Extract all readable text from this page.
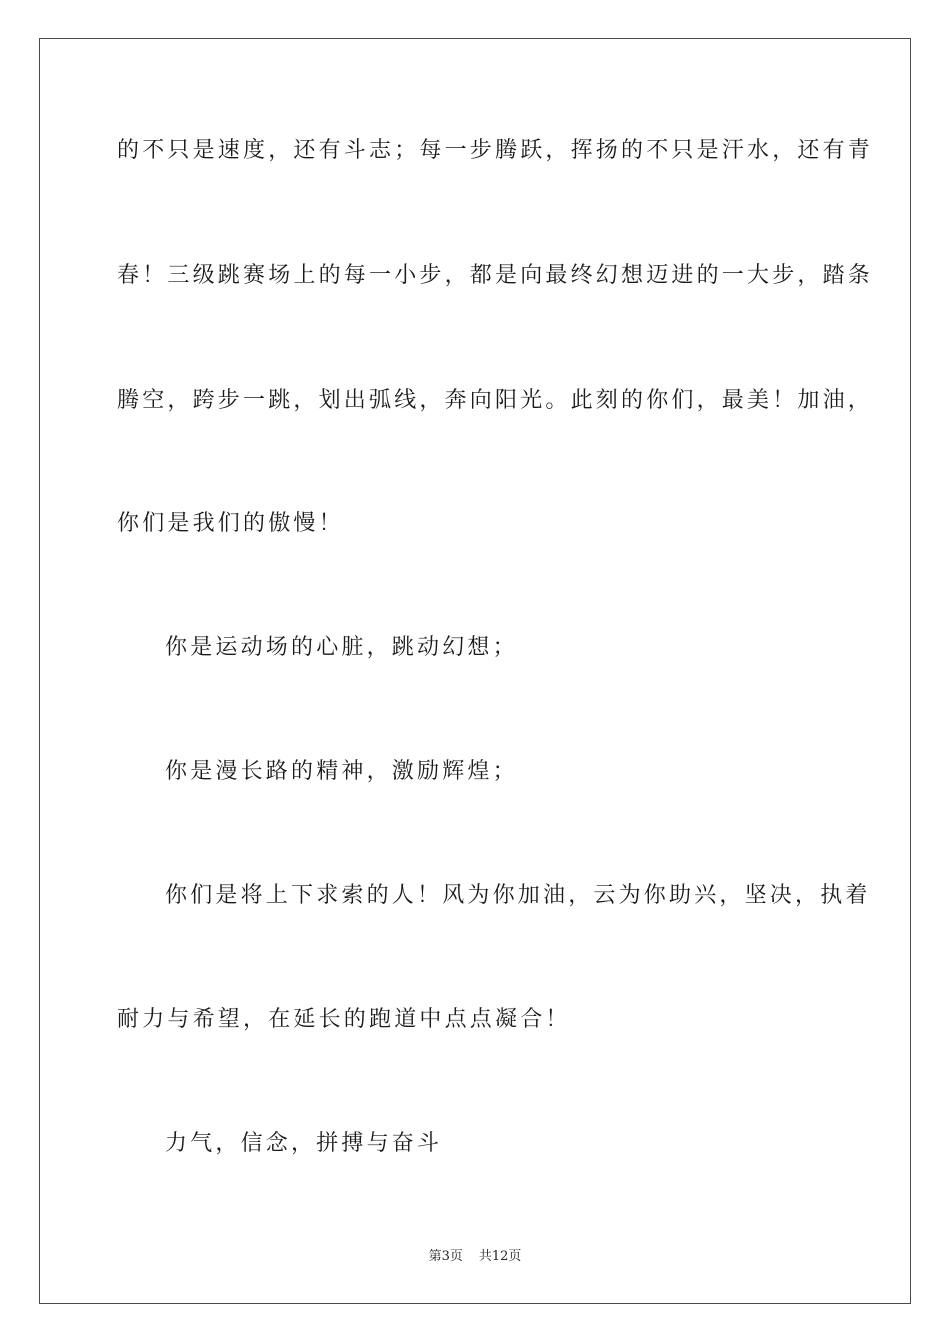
的不只是速度，还有斗志；每一步腾跃，挥扬的不只是汗水，还有青
春！三级跳赛场上的每一小步，都是向最终幻想迈进的一大步，踏条
腾空，跨步一跳，划出弧线，奔向阳光。此刻的你们，最美！加油，
你们是我们的傲慢！
你是运动场的心脏，跳动幻想；
你是漫长路的精神，激励辉煌；
你们是将上下求索的人！风为你加油，云为你助兴，坚决，执着
耐力与希望，在延长的跑道中点点凝合！
力气，信念，拼搏与奋斗
第3页 共12页
